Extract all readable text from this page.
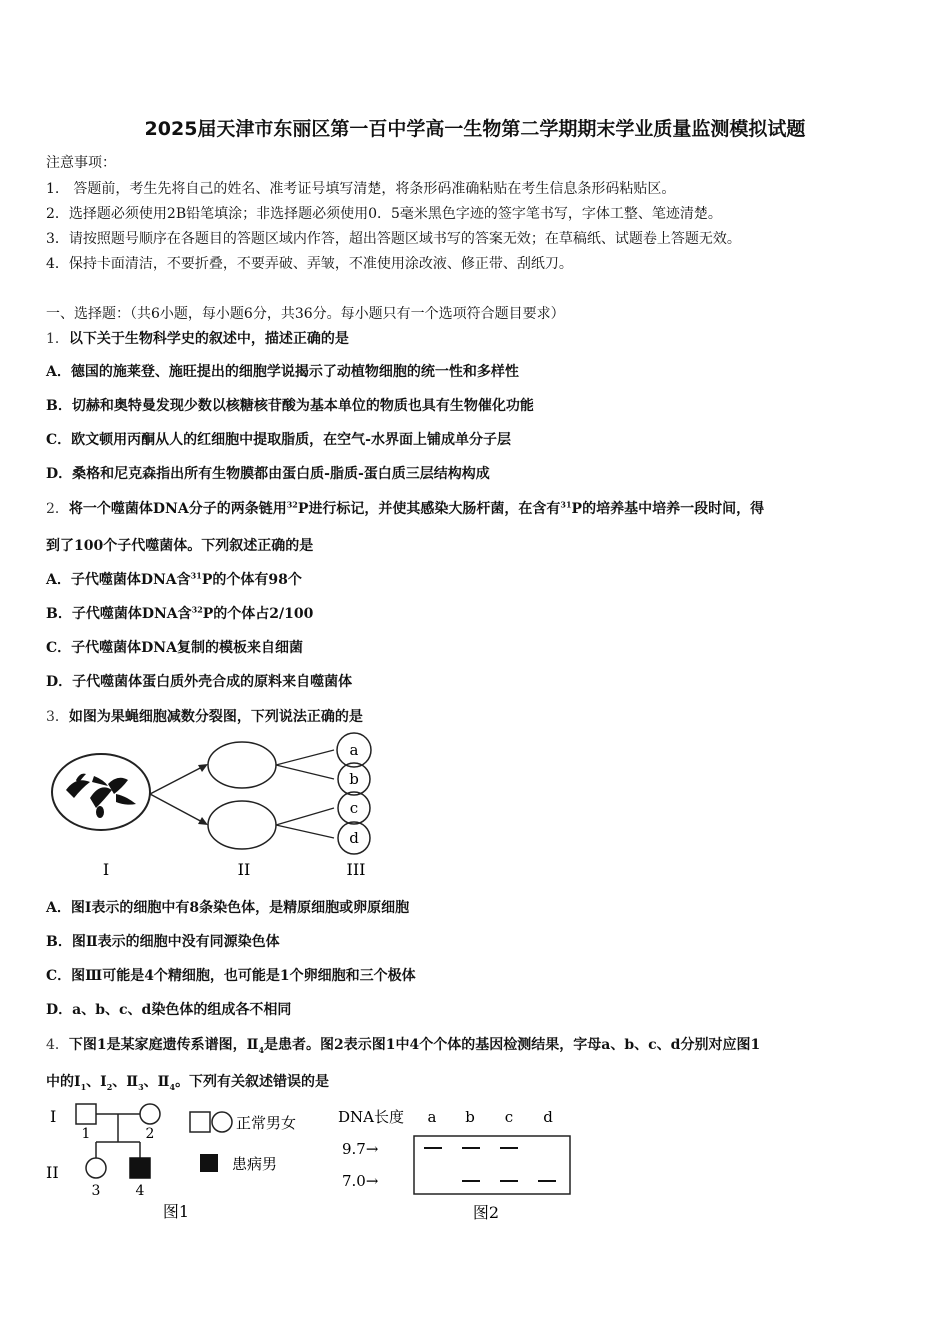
2025届天津市东丽区第一百中学高一生物第二学期期末学业质量监测模拟试题
注意事项：
1.　答题前，考生先将自己的姓名、准考证号填写清楚，将条形码准确粘贴在考生信息条形码粘贴区。
2．选择题必须使用2B铅笔填涂；非选择题必须使用0．5毫米黑色字迹的签字笔书写，字体工整、笔迹清楚。
3．请按照题号顺序在各题目的答题区域内作答，超出答题区域书写的答案无效；在草稿纸、试题卷上答题无效。
4．保持卡面清洁，不要折叠，不要弄破、弄皱，不准使用涂改液、修正带、刮纸刀。
一、选择题：（共6小题，每小题6分，共36分。每小题只有一个选项符合题目要求）
1．以下关于生物科学史的叙述中，描述正确的是
A．德国的施莱登、施旺提出的细胞学说揭示了动植物细胞的统一性和多样性
B．切赫和奥特曼发现少数以核糖核苷酸为基本单位的物质也具有生物催化功能
C．欧文顿用丙酮从人的红细胞中提取脂质，在空气-水界面上铺成单分子层
D．桑格和尼克森指出所有生物膜都由蛋白质-脂质-蛋白质三层结构构成
2．将一个噬菌体DNA分子的两条链用$^{32}$P进行标记，并使其感染大肠杆菌，在含有$^{31}$P的培养基中培养一段时间，得
到了100个子代噬菌体。下列叙述正确的是
A．子代噬菌体DNA含$^{31}$P的个体有98个
B．子代噬菌体DNA含$^{32}$P的个体占2/100
C．子代噬菌体DNA复制的模板来自细菌
D．子代噬菌体蛋白质外壳合成的原料来自噬菌体
3．如图为果蝇细胞减数分裂图，下列说法正确的是
a
b
c
d
I	II	III
A．图Ⅰ表示的细胞中有8条染色体，是精原细胞或卵原细胞
B．图Ⅱ表示的细胞中没有同源染色体
C．图Ⅲ可能是4个精细胞，也可能是1个卵细胞和三个极体
D．a、b、c、d染色体的组成各不相同
4．下图1是某家庭遗传系谱图，$Ⅱ_4$是患者。图2表示图1中4个个体的基因检测结果，字母a、b、c、d分别对应图1
中的$Ⅰ_1$、$Ⅰ_2$、$Ⅱ_3$、$Ⅱ_4$。下列有关叙述错误的是
I
II
1	2
3	4
正常男女
患病男
图1
DNA长度 a b c d
9.7→
7.0→
图2
